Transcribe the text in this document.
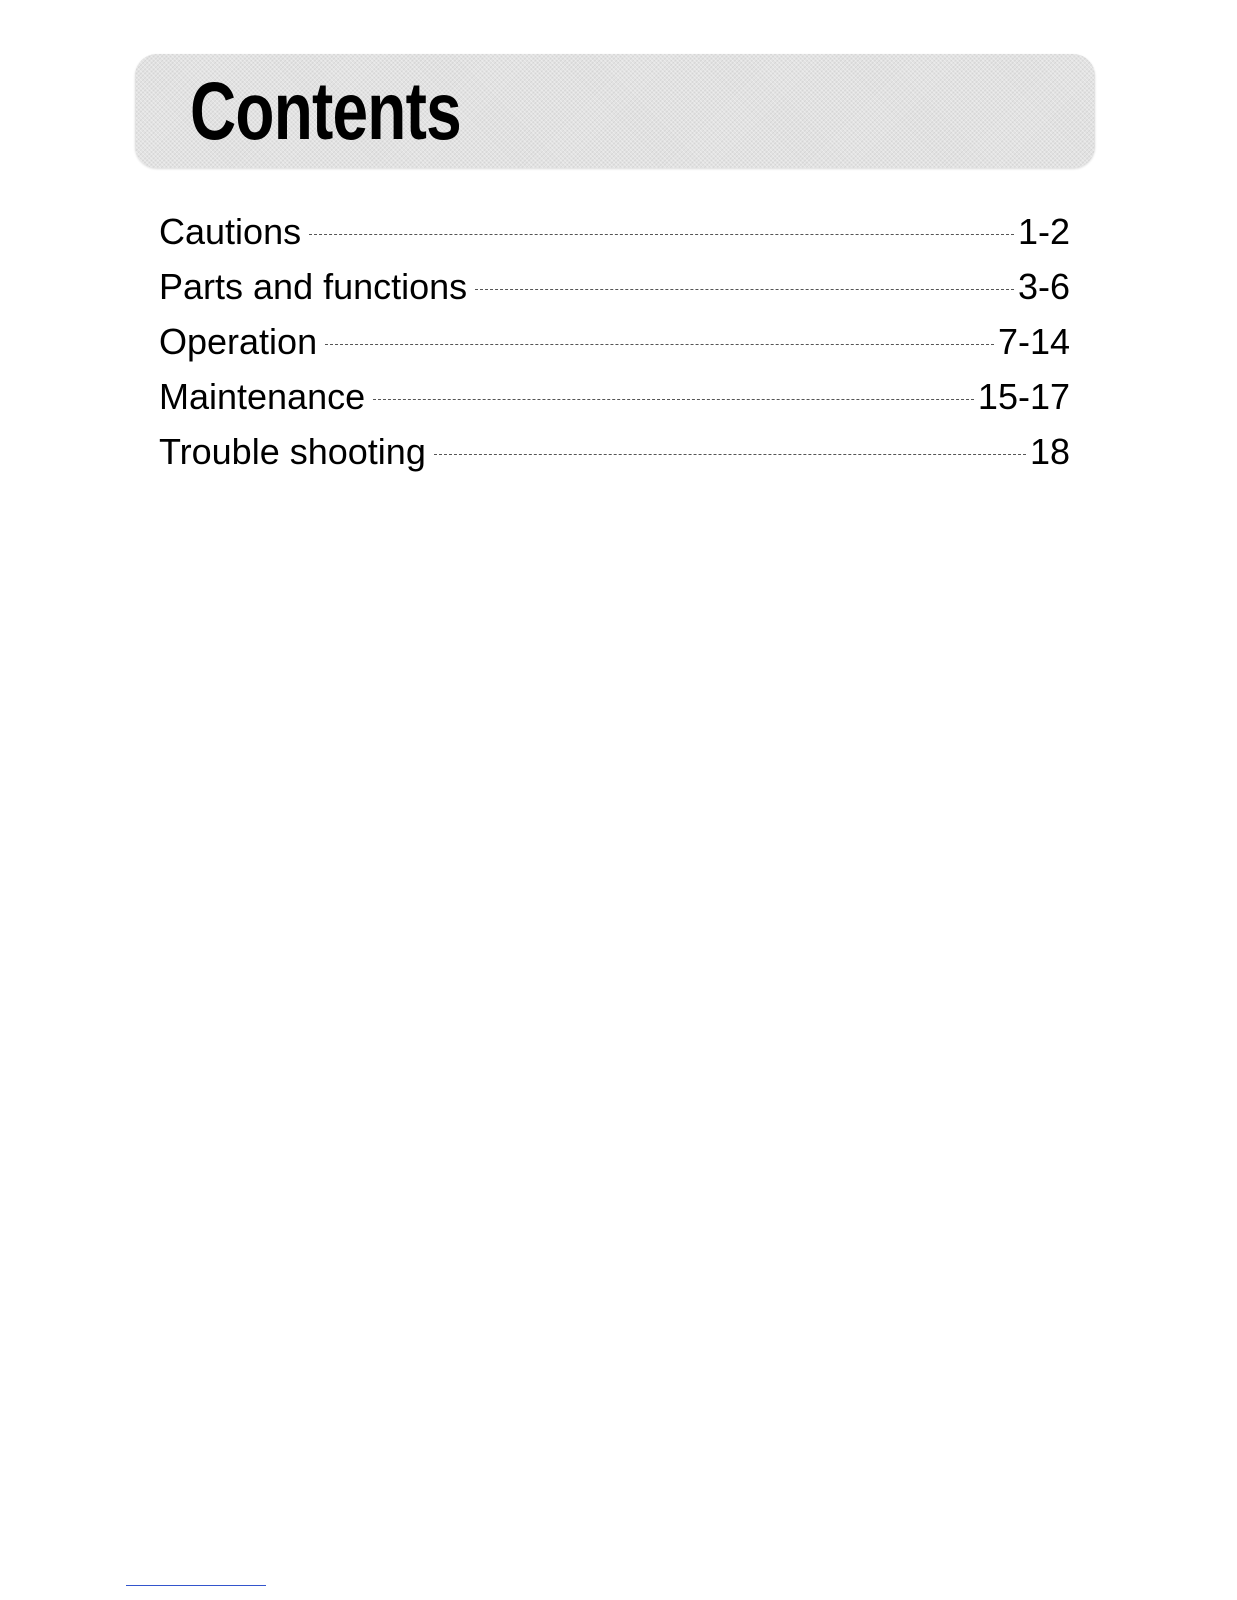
Contents
Cautions	1-2
Parts and functions	3-6
Operation	7-14
Maintenance	15-17
Trouble shooting	18
